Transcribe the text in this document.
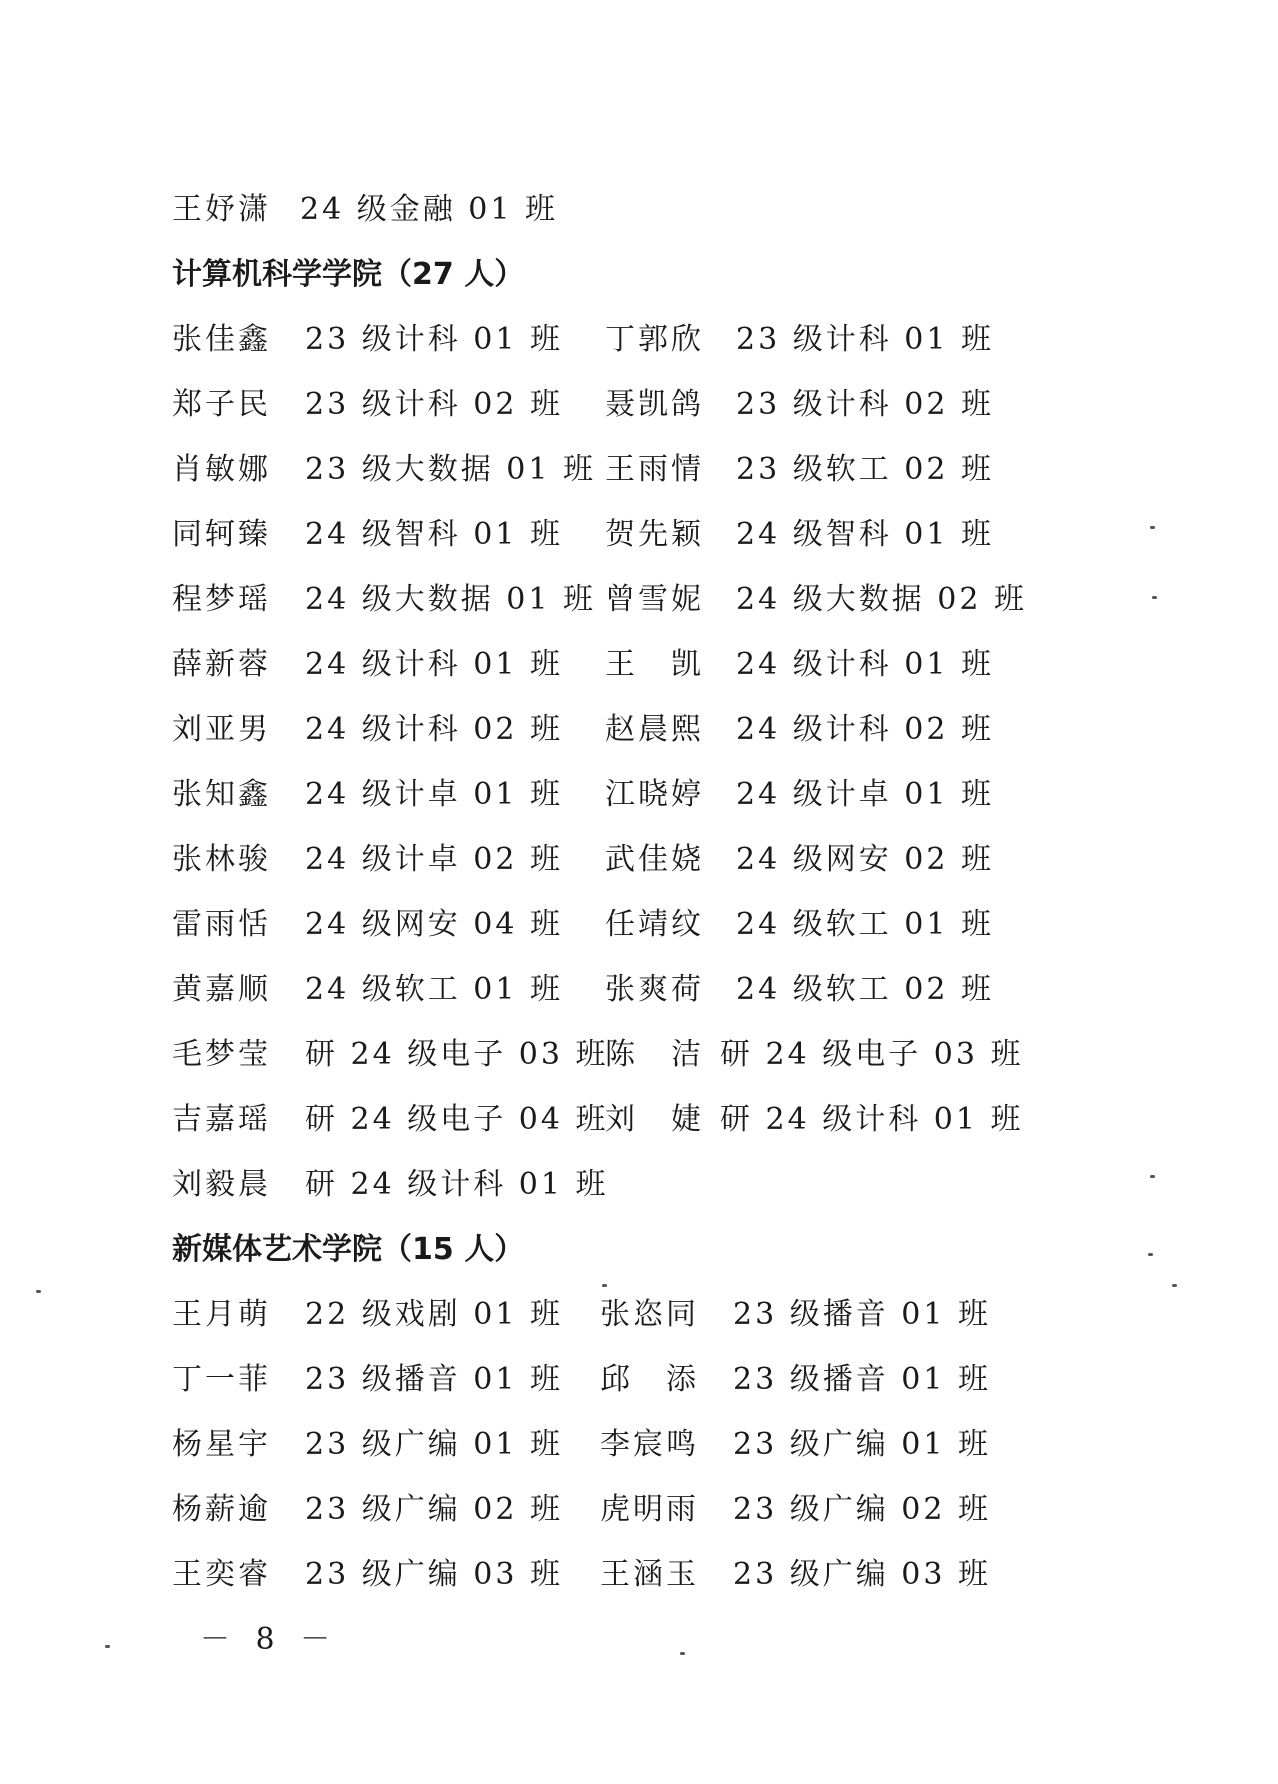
王妤潇 24 级金融 01 班
计算机科学学院（27 人）
张佳鑫 23 级计科 01 班 丁郭欣 23 级计科 01 班
郑子民 23 级计科 02 班 聂凯鸽 23 级计科 02 班
肖敏娜 23 级大数据 01 班 王雨情 23 级软工 02 班
同轲臻 24 级智科 01 班 贺先颖 24 级智科 01 班
程梦瑶 24 级大数据 01 班 曾雪妮 24 级大数据 02 班
薛新蓉 24 级计科 01 班 王　凯 24 级计科 01 班
刘亚男 24 级计科 02 班 赵晨熙 24 级计科 02 班
张知鑫 24 级计卓 01 班 江晓婷 24 级计卓 01 班
张林骏 24 级计卓 02 班 武佳娆 24 级网安 02 班
雷雨恬 24 级网安 04 班 任靖纹 24 级软工 01 班
黄嘉顺 24 级软工 01 班 张爽荷 24 级软工 02 班
毛梦莹 研 24 级电子 03 班
陈　洁 研 24 级电子 03 班
吉嘉瑶 研 24 级电子 04 班
刘　婕 研 24 级计科 01 班
刘毅晨 研 24 级计科 01 班
新媒体艺术学院（15 人）
王月萌 22 级戏剧 01 班 张恣同 23 级播音 01 班
丁一菲 23 级播音 01 班 邱　添 23 级播音 01 班
杨星宇 23 级广编 01 班 李宸鸣 23 级广编 01 班
杨薪逾 23 级广编 02 班 虎明雨 23 级广编 02 班
王奕睿 23 级广编 03 班 王涵玉 23 级广编 03 班
－ 8 －
